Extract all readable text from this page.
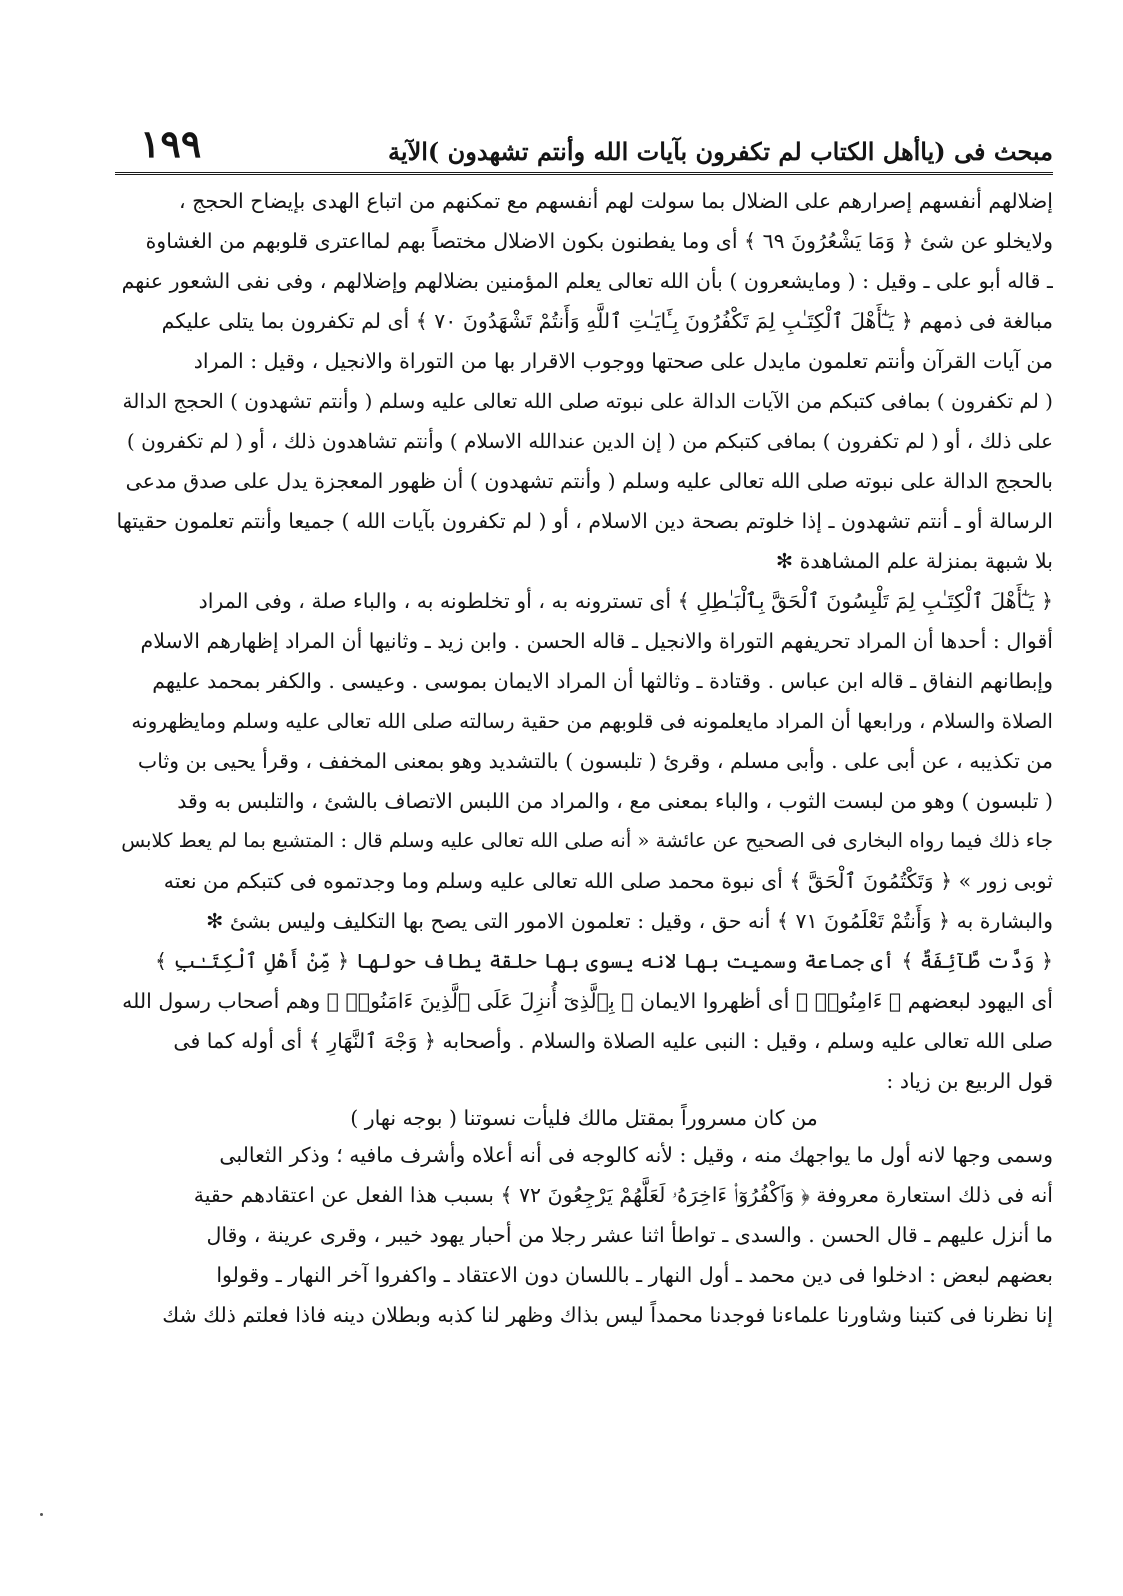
مبحث فى (ياأهل الكتاب لم تكفرون بآيات الله وأنتم تشهدون )الآية
١٩٩
إضلالهم أنفسهم إصرارهم على الضلال بما سولت لهم أنفسهم مع تمكنهم من اتباع الهدى بإيضاح الحجج ،
ولايخلو عن شئ ﴿ وَمَا يَشْعُرُونَ ٦٩ ﴾ أى وما يفطنون بكون الاضلال مختصاً بهم لمااعترى قلوبهم من الغشاوة
ـ قاله أبو على ـ وقيل : ( ومايشعرون ) بأن الله تعالى يعلم المؤمنين بضلالهم وإضلالهم ، وفى نفى الشعور عنهم
مبالغة فى ذمهم ﴿ يَـٰٓأَهْلَ ٱلْكِتَـٰبِ لِمَ تَكْفُرُونَ بِـَٔايَـٰتِ ٱللَّهِ وَأَنتُمْ تَشْهَدُونَ ٧٠ ﴾ أى لم تكفرون بما يتلى عليكم
من آيات القرآن وأنتم تعلمون مايدل على صحتها ووجوب الاقرار بها من التوراة والانجيل ، وقيل : المراد
( لم تكفرون ) بمافى كتبكم من الآيات الدالة على نبوته صلى الله تعالى عليه وسلم ( وأنتم تشهدون ) الحجج الدالة
على ذلك ، أو ( لم تكفرون ) بمافى كتبكم من ( إن الدين عندالله الاسلام ) وأنتم تشاهدون ذلك ، أو ( لم تكفرون )
بالحجج الدالة على نبوته صلى الله تعالى عليه وسلم ( وأنتم تشهدون ) أن ظهور المعجزة يدل على صدق مدعى
الرسالة أو ـ أنتم تشهدون ـ إذا خلوتم بصحة دين الاسلام ، أو ( لم تكفرون بآيات الله ) جميعا وأنتم تعلمون حقيتها
بلا شبهة بمنزلة علم المشاهدة ✻
﴿ يَـٰٓأَهْلَ ٱلْكِتَـٰبِ لِمَ تَلْبِسُونَ ٱلْحَقَّ بِٱلْبَـٰطِلِ ﴾ أى تسترونه به ، أو تخلطونه به ، والباء صلة ، وفى المراد
أقوال : أحدها أن المراد تحريفهم التوراة والانجيل ـ قاله الحسن . وابن زيد ـ وثانيها أن المراد إظهارهم الاسلام
وإبطانهم النفاق ـ قاله ابن عباس . وقتادة ـ وثالثها أن المراد الايمان بموسى . وعيسى . والكفر بمحمد عليهم
الصلاة والسلام ، ورابعها أن المراد مايعلمونه فى قلوبهم من حقية رسالته صلى الله تعالى عليه وسلم ومايظهرونه
من تكذيبه ، عن أبى على . وأبى مسلم ، وقرئ ( تلبسون ) بالتشديد وهو بمعنى المخفف ، وقرأ يحيى بن وثاب
( تلبسون ) وهو من لبست الثوب ، والباء بمعنى مع ، والمراد من اللبس الاتصاف بالشئ ، والتلبس به وقد
جاء ذلك فيما رواه البخارى فى الصحيح عن عائشة « أنه صلى الله تعالى عليه وسلم قال : المتشبع بما لم يعط كلابس
ثوبى زور » ﴿ وَتَكْتُمُونَ ٱلْحَقَّ ﴾ أى نبوة محمد صلى الله تعالى عليه وسلم وما وجدتموه فى كتبكم من نعته
والبشارة به ﴿ وَأَنتُمْ تَعْلَمُونَ ٧١ ﴾ أنه حق ، وقيل : تعلمون الامور التى يصح بها التكليف وليس بشئ ✻
﴿ وَدَّت طَّآئِفَةٌ ﴾ أى جماعة وسميت بها لانه يسوى بها حلقة يطاف حولها ﴿ مِّنْ أَهْلِ ٱلْكِتَـٰبِ ﴾
أى اليهود لبعضهم ﴿ ءَامِنُوا۟ ﴾ أى أظهروا الايمان ﴿ بِٱلَّذِىٓ أُنزِلَ عَلَى ٱلَّذِينَ ءَامَنُوا۟ ﴾ وهم أصحاب رسول الله
صلى الله تعالى عليه وسلم ، وقيل : النبى عليه الصلاة والسلام . وأصحابه ﴿ وَجْهَ ٱلنَّهَارِ ﴾ أى أوله كما فى
قول الربيع بن زياد :
من كان مسروراً بمقتل مالك فليأت نسوتنا ( بوجه نهار )
وسمى وجها لانه أول ما يواجهك منه ، وقيل : لأنه كالوجه فى أنه أعلاه وأشرف مافيه ؛ وذكر الثعالبى
أنه فى ذلك استعارة معروفة ﴿ وَٱكْفُرُوٓا۟ ءَاخِرَهُۥ لَعَلَّهُمْ يَرْجِعُونَ ٧٢ ﴾ بسبب هذا الفعل عن اعتقادهم حقية
ما أنزل عليهم ـ قال الحسن . والسدى ـ تواطأ اثنا عشر رجلا من أحبار يهود خيبر ، وقرى عرينة ، وقال
بعضهم لبعض : ادخلوا فى دين محمد ـ أول النهار ـ باللسان دون الاعتقاد ـ واكفروا آخر النهار ـ وقولوا
إنا نظرنا فى كتبنا وشاورنا علماءنا فوجدنا محمداً ليس بذاك وظهر لنا كذبه وبطلان دينه فاذا فعلتم ذلك شك
